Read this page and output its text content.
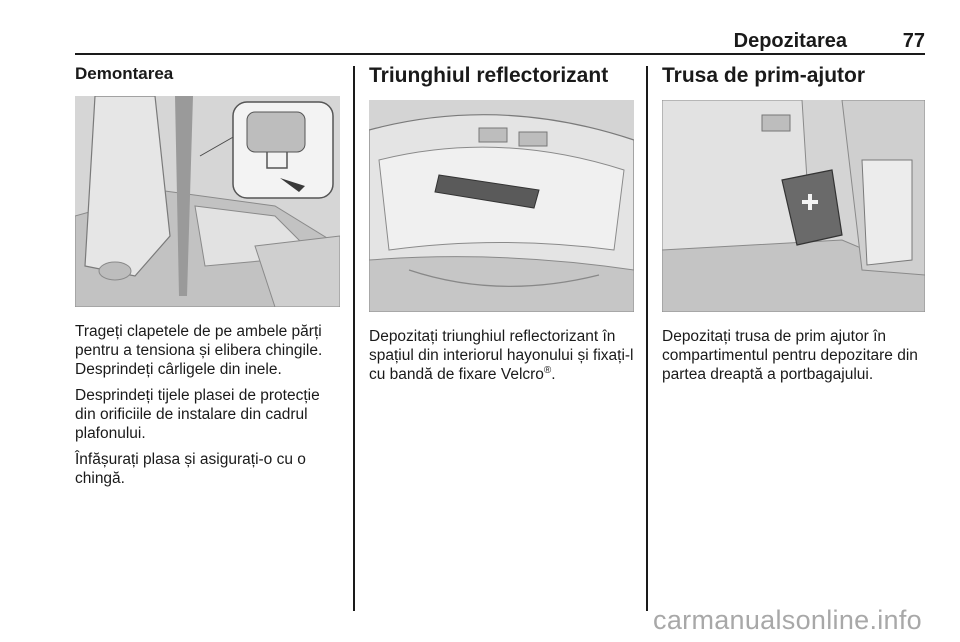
Depozitarea	77
Demontarea

Trageți clapetele de pe ambele părți pentru a tensiona și elibera chingile. Desprindeți cârligele din inele.

Desprindeți tijele plasei de protecție din orificiile de instalare din cadrul plafonului.

Înfășurați plasa și asigurați-o cu o chingă.

Triunghiul reflectorizant

Depozitați triunghiul reflectorizant în spațiul din interiorul hayonului și fixați-l cu bandă de fixare Velcro®.

Trusa de prim-ajutor

Depozitați trusa de prim ajutor în compartimentul pentru depozitare din partea dreaptă a portbagajului.

carmanualsonline.info
